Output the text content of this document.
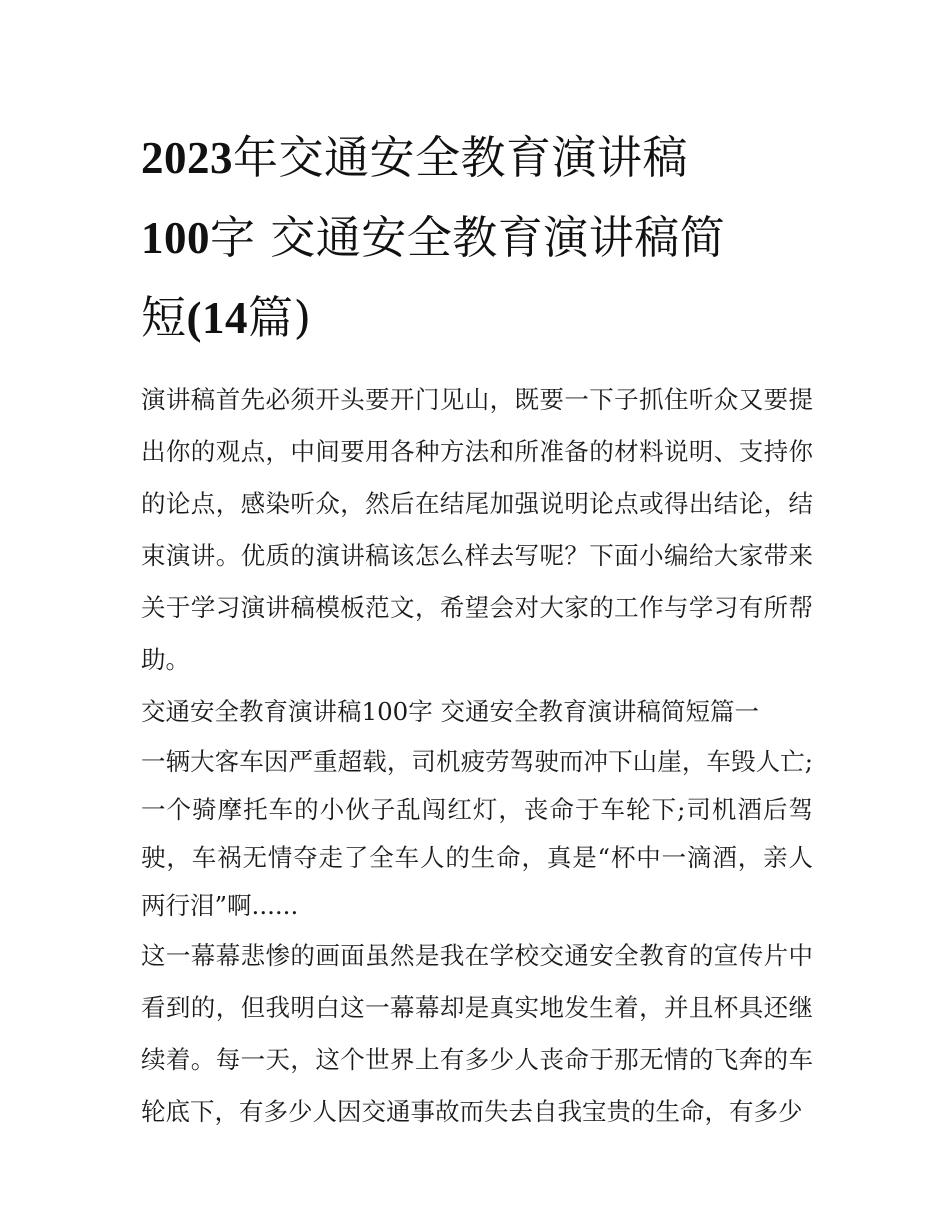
2023年交通安全教育演讲稿
100字 交通安全教育演讲稿简
短(14篇)

演讲稿首先必须开头要开门见山，既要一下子抓住听众又要提出你的观点，中间要用各种方法和所准备的材料说明、支持你的论点，感染听众，然后在结尾加强说明论点或得出结论，结束演讲。优质的演讲稿该怎么样去写呢？下面小编给大家带来关于学习演讲稿模板范文，希望会对大家的工作与学习有所帮助。

交通安全教育演讲稿100字 交通安全教育演讲稿简短篇一

一辆大客车因严重超载，司机疲劳驾驶而冲下山崖，车毁人亡;一个骑摩托车的小伙子乱闯红灯，丧命于车轮下;司机酒后驾驶，车祸无情夺走了全车人的生命，真是“杯中一滴酒，亲人两行泪”啊......

这一幕幕悲惨的画面虽然是我在学校交通安全教育的宣传片中看到的，但我明白这一幕幕却是真实地发生着，并且杯具还继续着。每一天，这个世界上有多少人丧命于那无情的飞奔的车轮底下，有多少人因交通事故而失去自我宝贵的生命，有多少
